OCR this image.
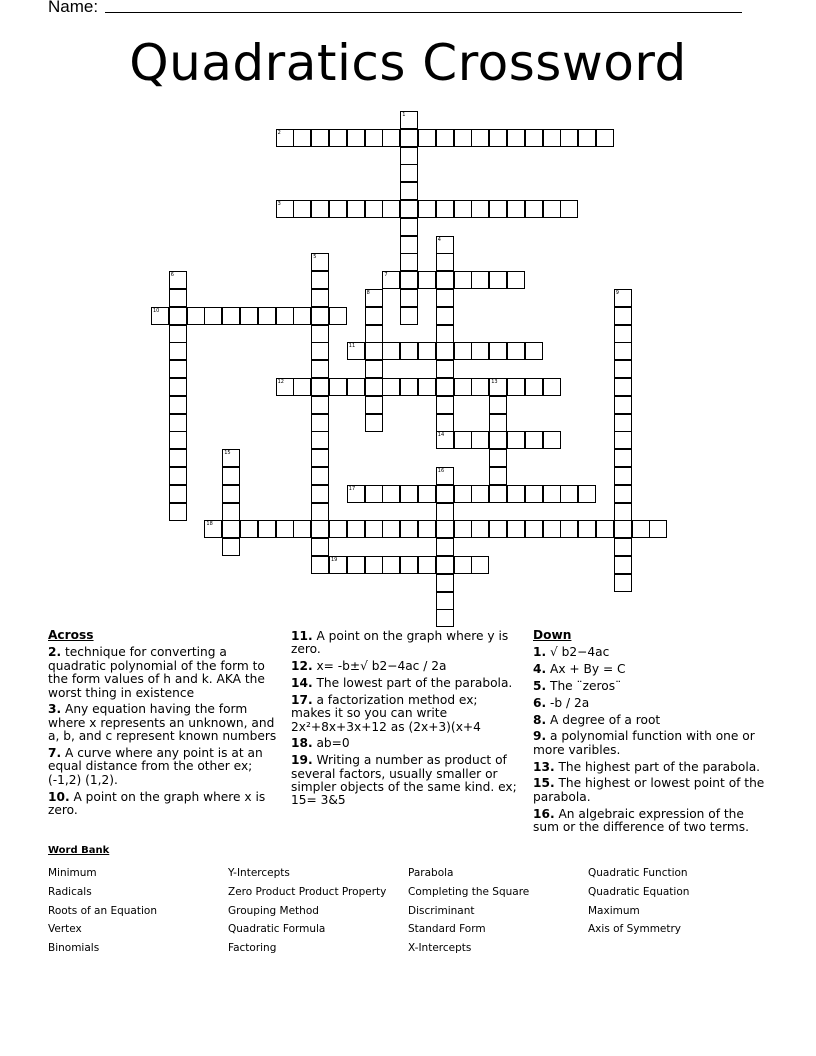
Name:
Quadratics Crossword
1
2
3
4
14
5
6	7
8	9
10
11
12	13
15
16
17
18
19
Across
2. technique for converting a quadratic polynomial of the form to the form values of h and k. AKA the worst thing in existence
3. Any equation having the form where x represents an unknown, and a, b, and c represent known numbers
7. A curve where any point is at an equal distance from the other ex; (-1,2) (1,2).
10. A point on the graph where x is zero.
11. A point on the graph where y is zero.
12. x= -b±√ b2−4ac / 2a
14. The lowest part of the parabola.
17. a factorization method ex; makes it so you can write 2x²+8x+3x+12 as (2x+3)(x+4
18. ab=0
19. Writing a number as product of several factors, usually smaller or simpler objects of the same kind. ex; 15= 3&5
Down
1. √ b2−4ac
4. Ax + By = C
5. The ¨zeros¨
6. -b / 2a
8. A degree of a root
9. a polynomial function with one or more varibles.
13. The highest part of the parabola.
15. The highest or lowest point of the parabola.
16. An algebraic expression of the sum or the difference of two terms.
Word Bank
Minimum
Radicals
Roots of an Equation
Vertex
Binomials
Y-Intercepts
Zero Product Product Property
Grouping Method
Quadratic Formula
Factoring
Parabola
Completing the Square
Discriminant
Standard Form
X-Intercepts
Quadratic Function
Quadratic Equation
Maximum
Axis of Symmetry
